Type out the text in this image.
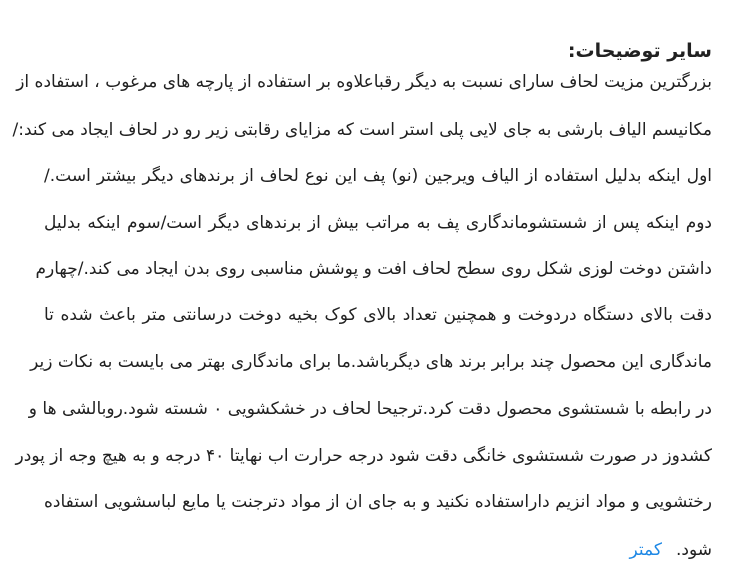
سایر توضیحات:
بزرگترین مزیت لحاف سارای نسبت به دیگر رقباعلاوه بر استفاده از پارچه های مرغوب ، استفاده از
مکانیسم الیاف بارشی به جای لایی پلی استر است که مزایای رقابتی زیر رو در لحاف ایجاد می کند:/
اول اینکه بدلیل استفاده از الیاف ویرجین (نو) پف این نوع لحاف از برندهای دیگر بیشتر است./
دوم اینکه پس از شستشوماندگاری پف به مراتب بیش از برندهای دیگر است/سوم اینکه بدلیل
داشتن دوخت لوزی شکل روی سطح لحاف افت و پوشش مناسبی روی بدن ایجاد می کند./چهارم
دقت بالای دستگاه دردوخت و همچنین تعداد بالای کوک بخیه دوخت درسانتی متر باعث شده تا
ماندگاری این محصول چند برابر برند های دیگرباشد.ما برای ماندگاری بهتر می بایست به نکات زیر
در رابطه با شستشوی محصول دقت کرد.ترجیحا لحاف در خشکشویی ۰ شسته شود.روبالشی ها و
کشدوز در صورت شستشوی خانگی دقت شود درجه حرارت اب نهایتا ۴۰ درجه و به هیچ وجه از پودر
رختشویی و مواد انزیم داراستفاده نکنید و به جای ان از مواد دترجنت یا مایع لباسشویی استفاده
شود.کمتر
